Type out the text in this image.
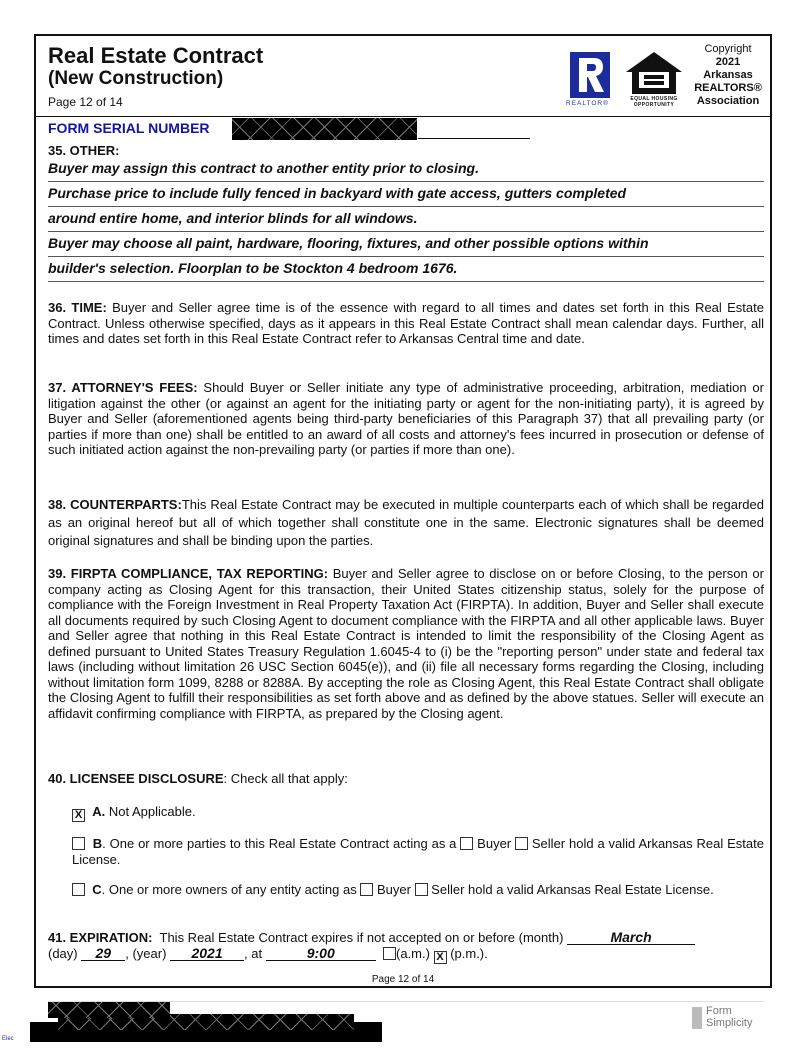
Real Estate Contract
(New Construction)
Page 12 of 14	REALTOR®
EQUAL HOUSING
OPPORTUNITY
Copyright
2021
Arkansas
REALTORS®
Association
FORM SERIAL NUMBER
35. OTHER:
Buyer may assign this contract to another entity prior to closing.
Purchase price to include fully fenced in backyard with gate access, gutters completed
around entire home, and interior blinds for all windows.
Buyer may choose all paint, hardware, flooring, fixtures, and other possible options within
builder's selection. Floorplan to be Stockton 4 bedroom 1676.
36. TIME: Buyer and Seller agree time is of the essence with regard to all times and dates set forth in this Real Estate Contract. Unless otherwise specified, days as it appears in this Real Estate Contract shall mean calendar days. Further, all times and dates set forth in this Real Estate Contract refer to Arkansas Central time and date.
37. ATTORNEY'S FEES: Should Buyer or Seller initiate any type of administrative proceeding, arbitration, mediation or litigation against the other (or against an agent for the initiating party or agent for the non-initiating party), it is agreed by Buyer and Seller (aforementioned agents being third-party beneficiaries of this Paragraph 37) that all prevailing party (or parties if more than one) shall be entitled to an award of all costs and attorney's fees incurred in prosecution or defense of such initiated action against the non-prevailing party (or parties if more than one).
38. COUNTERPARTS:This Real Estate Contract may be executed in multiple counterparts each of which shall be regarded as an original hereof but all of which together shall constitute one in the same. Electronic signatures shall be deemed original signatures and shall be binding upon the parties.
39. FIRPTA COMPLIANCE, TAX REPORTING: Buyer and Seller agree to disclose on or before Closing, to the person or company acting as Closing Agent for this transaction, their United States citizenship status, solely for the purpose of compliance with the Foreign Investment in Real Property Taxation Act (FIRPTA). In addition, Buyer and Seller shall execute all documents required by such Closing Agent to document compliance with the FIRPTA and all other applicable laws. Buyer and Seller agree that nothing in this Real Estate Contract is intended to limit the responsibility of the Closing Agent as defined pursuant to United States Treasury Regulation 1.6045-4 to (i) be the "reporting person" under state and federal tax laws (including without limitation 26 USC Section 6045(e)), and (ii) file all necessary forms regarding the Closing, including without limitation form 1099, 8288 or 8288A. By accepting the role as Closing Agent, this Real Estate Contract shall obligate the Closing Agent to fulfill their responsibilities as set forth above and as defined by the above statues. Seller will execute an affidavit confirming compliance with FIRPTA, as prepared by the Closing agent.
40. LICENSEE DISCLOSURE: Check all that apply:
X A. Not Applicable.
B. One or more parties to this Real Estate Contract acting as a Buyer Seller hold a valid Arkansas Real Estate License.
C. One or more owners of any entity acting as Buyer Seller hold a valid Arkansas Real Estate License.
41. EXPIRATION: This Real Estate Contract expires if not accepted on or before (month)	March
(day) 29 , (year) 2021 , at	9:00	(a.m.) X (p.m.).
Page 12 of 14
Elec
Form
Simplicity
